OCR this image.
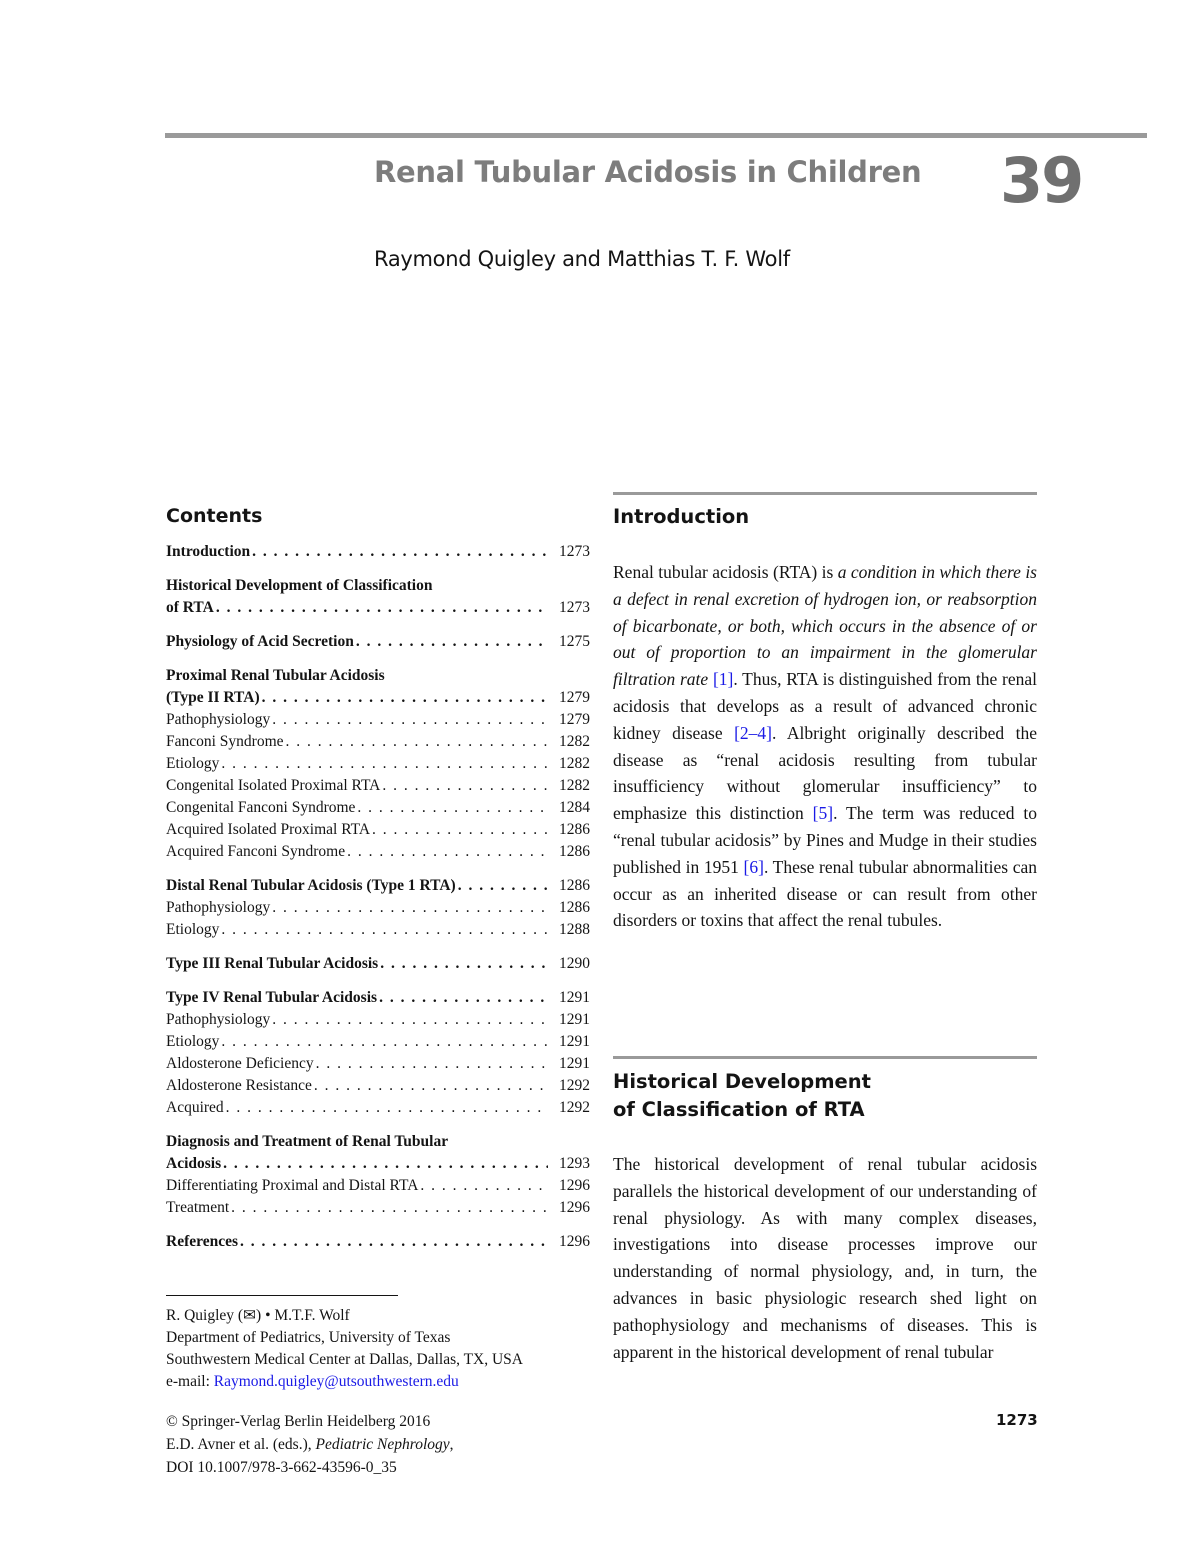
Renal Tubular Acidosis in Children 39
Raymond Quigley and Matthias T. F. Wolf
Contents
Introduction . . .	1273
Historical Development of Classification
of RTA . . .	1273
Physiology of Acid Secretion . . .	1275
Proximal Renal Tubular Acidosis
(Type II RTA) . . .	1279
Pathophysiology . . .	1279
Fanconi Syndrome . . .	1282
Etiology . . .	1282
Congenital Isolated Proximal RTA . . .	1282
Congenital Fanconi Syndrome . . .	1284
Acquired Isolated Proximal RTA . . .	1286
Acquired Fanconi Syndrome . . .	1286
Distal Renal Tubular Acidosis (Type 1 RTA) . . .	1286
Pathophysiology . . .	1286
Etiology . . .	1288
Type III Renal Tubular Acidosis . . .	1290
Type IV Renal Tubular Acidosis . . .	1291
Pathophysiology . . .	1291
Etiology . . .	1291
Aldosterone Deficiency . . .	1291
Aldosterone Resistance . . .	1292
Acquired . . .	1292
Diagnosis and Treatment of Renal Tubular
Acidosis . . .	1293
Differentiating Proximal and Distal RTA . . .	1296
Treatment . . .	1296
References . . .	1296
R. Quigley (✉) • M.T.F. Wolf
Department of Pediatrics, University of Texas
Southwestern Medical Center at Dallas, Dallas, TX, USA
e-mail: Raymond.quigley@utsouthwestern.edu
© Springer-Verlag Berlin Heidelberg 2016
E.D. Avner et al. (eds.), Pediatric Nephrology,
DOI 10.1007/978-3-662-43596-0_35
1273
Introduction
Renal tubular acidosis (RTA) is a condition in which there is a defect in renal excretion of hydrogen ion, or reabsorption of bicarbonate, or both, which occurs in the absence of or out of proportion to an impairment in the glomerular filtration rate [1]. Thus, RTA is distinguished from the renal acidosis that develops as a result of advanced chronic kidney disease [2–4]. Albright originally described the disease as “renal acidosis resulting from tubular insufficiency without glomerular insufficiency” to emphasize this distinction [5]. The term was reduced to “renal tubular acidosis” by Pines and Mudge in their studies published in 1951 [6]. These renal tubular abnormalities can occur as an inherited disease or can result from other disorders or toxins that affect the renal tubules.
Historical Development
of Classification of RTA
The historical development of renal tubular acidosis parallels the historical development of our understanding of renal physiology. As with many complex diseases, investigations into disease processes improve our understanding of normal physiology, and, in turn, the advances in basic physiologic research shed light on pathophysiology and mechanisms of diseases. This is apparent in the historical development of renal tubular
